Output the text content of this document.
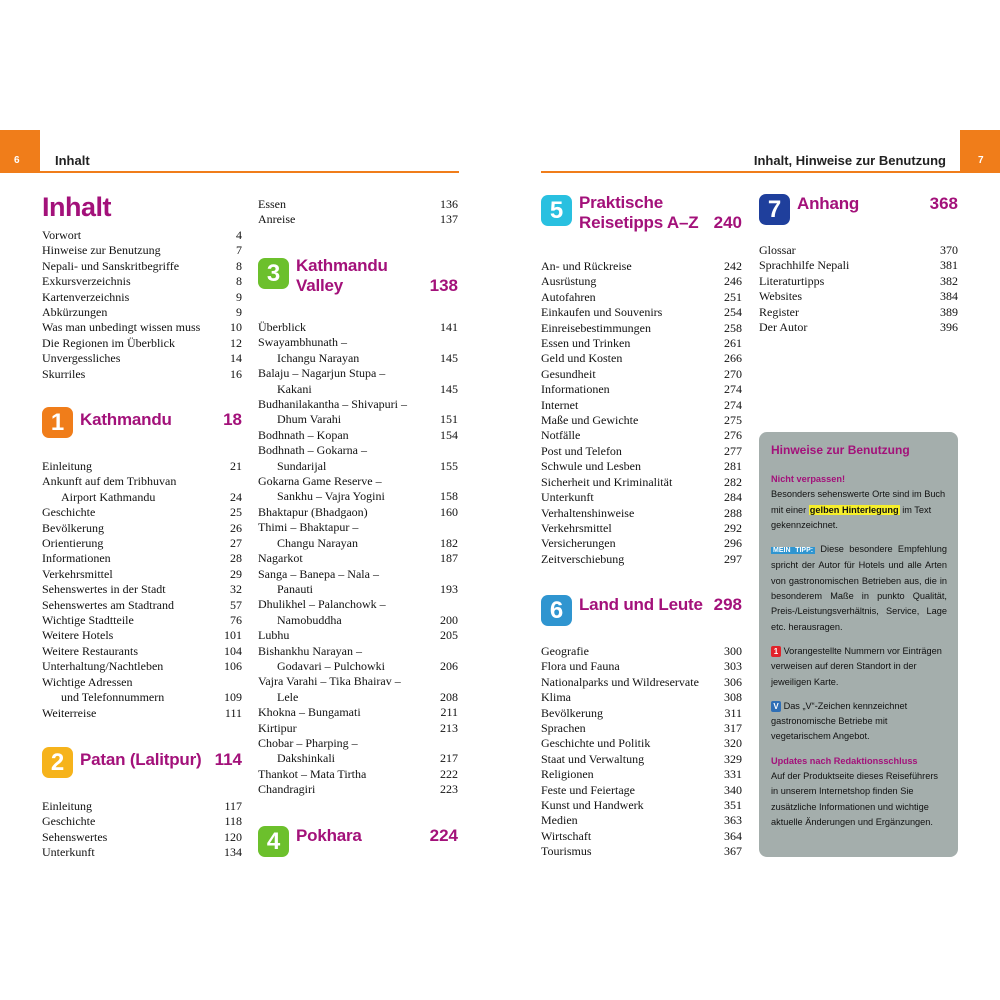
6	Inhalt	7
Inhalt, Hinweise zur Benutzung
Inhalt
Vorwort	4
Hinweise zur Benutzung	7
Nepali- und Sanskritbegriffe	8
Exkursverzeichnis	8
Kartenverzeichnis	9
Abkürzungen	9
Was man unbedingt wissen muss	10
Die Regionen im Überblick	12
Unvergessliches	14
Skurriles	16
1 Kathmandu	18
Einleitung	21
Ankunft auf dem Tribhuvan
Airport Kathmandu	24
Geschichte	25
Bevölkerung	26
Orientierung	27
Informationen	28
Verkehrsmittel	29
Sehenswertes in der Stadt	32
Sehenswertes am Stadtrand	57
Wichtige Stadtteile	76
Weitere Hotels	101
Weitere Restaurants	104
Unterhaltung/Nachtleben	106
Wichtige Adressen
und Telefonnummern	109
Weiterreise	111
2 Patan (Lalitpur) 114
Einleitung	117
Geschichte	118
Sehenswertes	120
Unterkunft	134
Essen	136
Anreise	137
3 Kathmandu
Valley	138
Überblick	141
Swayambhunath –
Ichangu Narayan	145
Balaju – Nagarjun Stupa –
Kakani	145
Budhanilakantha – Shivapuri –
Dhum Varahi	151
Bodhnath – Kopan	154
Bodhnath – Gokarna –
Sundarijal	155
Gokarna Game Reserve –
Sankhu – Vajra Yogini	158
Bhaktapur (Bhadgaon)	160
Thimi – Bhaktapur –
Changu Narayan	182
Nagarkot	187
Sanga – Banepa – Nala –
Panauti	193
Dhulikhel – Palanchowk –
Namobuddha	200
Lubhu	205
Bishankhu Narayan –
Godavari – Pulchowki	206
Vajra Varahi – Tika Bhairav –
Lele	208
Khokna – Bungamati	211
Kirtipur	213
Chobar – Pharping –
Dakshinkali	217
Thankot – Mata Tirtha	222
Chandragiri	223
4 Pokhara	224
5 Praktische
Reisetipps A–Z 240
An- und Rückreise	242
Ausrüstung	246
Autofahren	251
Einkaufen und Souvenirs	254
Einreisebestimmungen	258
Essen und Trinken	261
Geld und Kosten	266
Gesundheit	270
Informationen	274
Internet	274
Maße und Gewichte	275
Notfälle	276
Post und Telefon	277
Schwule und Lesben	281
Sicherheit und Kriminalität	282
Unterkunft	284
Verhaltenshinweise	288
Verkehrsmittel	292
Versicherungen	296
Zeitverschiebung	297
6 Land und Leute 298
Geografie	300
Flora und Fauna	303
Nationalparks und Wildreservate	306
Klima	308
Bevölkerung	311
Sprachen	317
Geschichte und Politik	320
Staat und Verwaltung	329
Religionen	331
Feste und Feiertage	340
Kunst und Handwerk	351
Medien	363
Wirtschaft	364
Tourismus	367
7 Anhang	368
Glossar	370
Sprachhilfe Nepali	381
Literaturtipps	382
Websites	384
Register	389
Der Autor	396
Hinweise zur Benutzung

Nicht verpassen!
Besonders sehenswerte Orte sind im Buch mit einer gelben Hinterlegung im Text gekennzeichnet.

MEIN TIPP: Diese besondere Empfehlung spricht der Autor für Hotels und alle Arten von gastronomischen Betrieben aus, die in besonderem Maße in punkto Qualität, Preis-/Leistungsverhältnis, Service, Lage etc. herausragen.

1 Vorangestellte Nummern vor Einträgen verweisen auf deren Standort in der jeweiligen Karte.

V Das „V“-Zeichen kennzeichnet gastronomische Betriebe mit vegetarischem Angebot.

Updates nach Redaktionsschluss
Auf der Produktseite dieses Reiseführers in unserem Internetshop finden Sie zusätzliche Informationen und wichtige aktuelle Änderungen und Ergänzungen.
